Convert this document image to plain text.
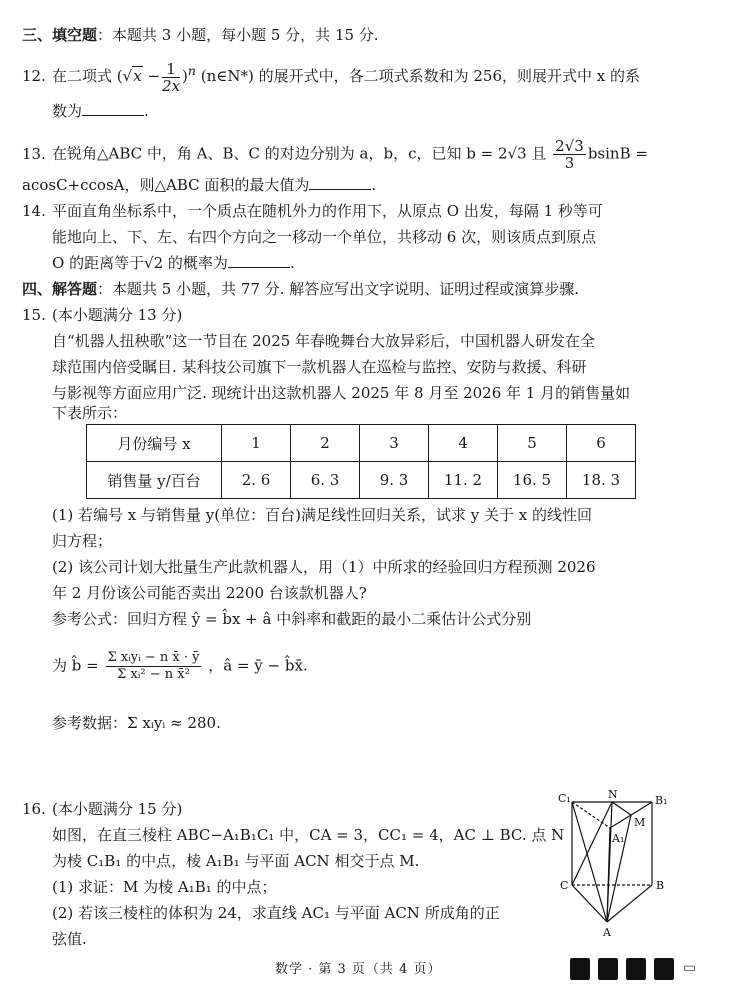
三、填空题：本题共 3 小题，每小题 5 分，共 15 分.
12. 在二项式 $(√x - \frac{1}{2x} )^n$ (n∈N*) 的展开式中，各二项式系数和为 256，则展开式中 x 的系
数为	.
13. 在锐角△ABC 中，角 A、B、C 的对边分别为 a，b，c，已知 b = 2√3 且 $\frac{2√3}{3}$ bsinB =
acosC+ccosA，则△ABC 面积的最大值为	.
14. 平面直角坐标系中，一个质点在随机外力的作用下，从原点 O 出发，每隔 1 秒等可
能地向上、下、左、右四个方向之一移动一个单位，共移动 6 次，则该质点到原点
O 的距离等于√2 的概率为	.
四、解答题：本题共 5 小题，共 77 分. 解答应写出文字说明、证明过程或演算步骤.
15. (本小题满分 13 分)
自“机器人扭秧歌”这一节目在 2025 年春晚舞台大放异彩后，中国机器人研发在全
球范围内倍受瞩目. 某科技公司旗下一款机器人在巡检与监控、安防与救援、科研
与影视等方面应用广泛. 现统计出这款机器人 2025 年 8 月至 2026 年 1 月的销售量如
下表所示：
月份编号 x	1	2	3	4	5	6
销售量 y/百台	2. 6	6. 3	9. 3	11. 2	16. 5	18. 3
(1) 若编号 x 与销售量 y(单位：百台)满足线性回归关系，试求 y 关于 x 的线性回
归方程；
(2) 该公司计划大批量生产此款机器人，用（1）中所求的经验回归方程预测 2026
年 2 月份该公司能否卖出 2200 台该款机器人?
参考公式：回归方程 ŷ = b̂x + â 中斜率和截距的最小二乘估计公式分别
为 b̂ = $\frac{\text{Σ xᵢyᵢ − n x̄ · ȳ}}{\text{Σ xᵢ² − n x̄²}}$ ，â = ȳ − b̂x̄.
参考数据：Σ xᵢyᵢ ≈ 280.
16. (本小题满分 15 分)
如图，在直三棱柱 ABC−A₁B₁C₁ 中，CA = 3，CC₁ = 4，AC ⊥ BC. 点 N
为棱 C₁B₁ 的中点，棱 A₁B₁ 与平面 ACN 相交于点 M.
(1) 求证：M 为棱 A₁B₁ 的中点；
(2) 若该三棱柱的体积为 24，求直线 AC₁ 与平面 ACN 所成角的正
弦值.
C₁	N	B₁
A₁
M
C	B
A
数学 · 第 3 页（共 4 页）	▭
